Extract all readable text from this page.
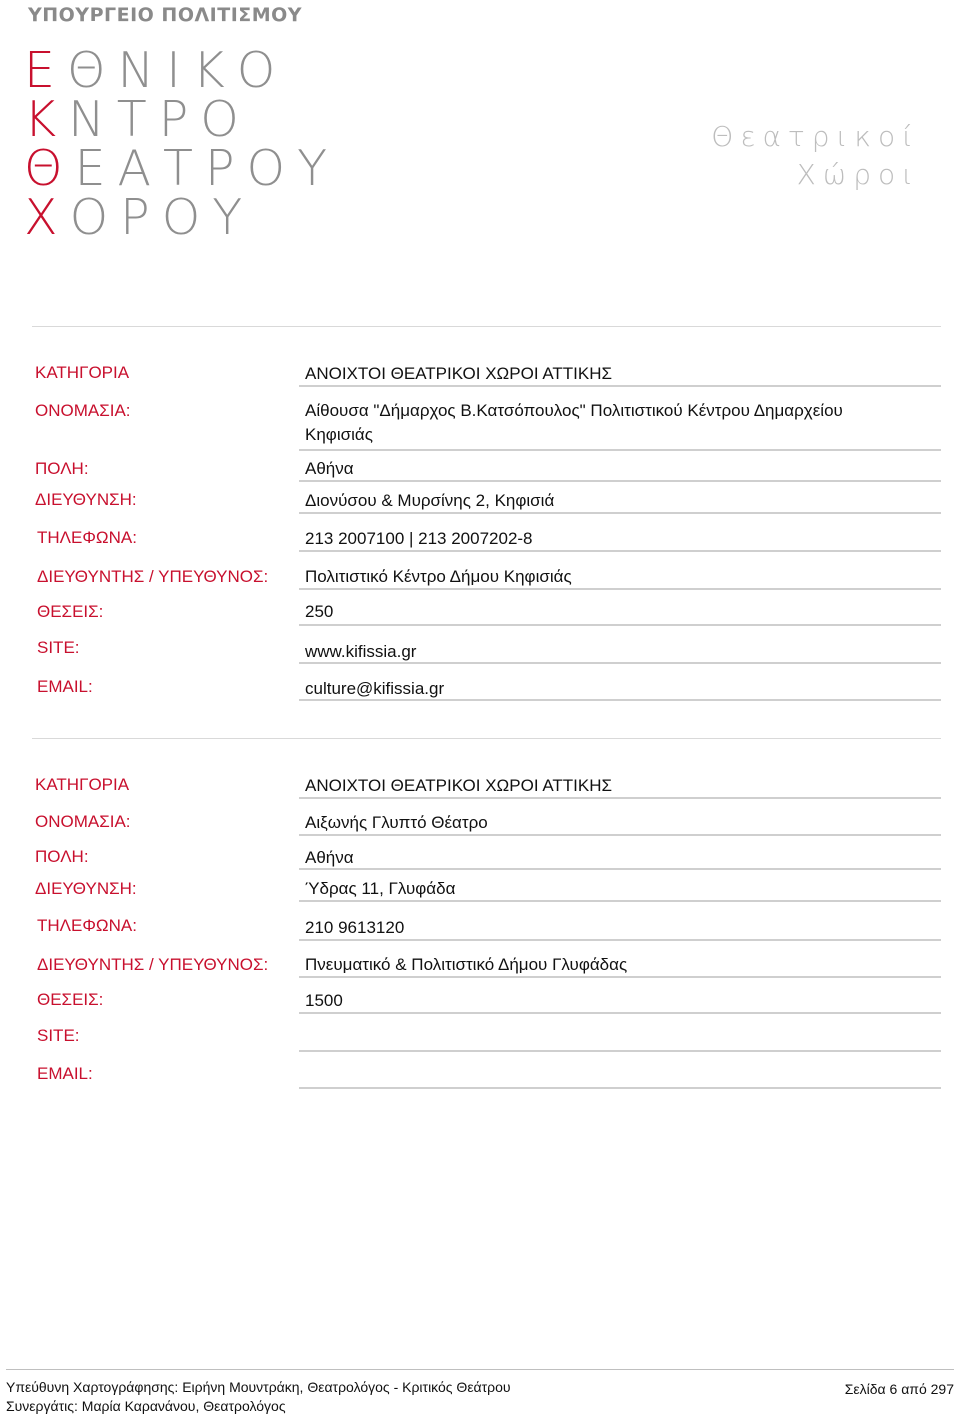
ΥΠΟΥΡΓΕΙΟ ΠΟΛΙΤΙΣΜΟΥ
ΕΘΝΙΚΟ
ΚΝΤΡΟ
ΘΕΑΤΡΟΥ
ΧΟΡΟΥ
Θεατρικοί
Χώροι
ΚΑΤΗΓΟΡΙΑ	ΑΝΟΙΧΤΟΙ ΘΕΑΤΡΙΚΟΙ ΧΩΡΟΙ ΑΤΤΙΚΗΣ
ΟΝΟΜΑΣΙΑ:	Αίθουσα "Δήμαρχος Β.Κατσόπουλος" Πολιτιστικού Κέντρου Δημαρχείου Κηφισιάς
ΠΟΛΗ:	Αθήνα
ΔΙΕΥΘΥΝΣΗ:	Διονύσου & Μυρσίνης 2, Κηφισιά
ΤΗΛΕΦΩΝΑ:	213 2007100 | 213 2007202-8
ΔΙΕΥΘΥΝΤΗΣ / ΥΠΕΥΘΥΝΟΣ: Πολιτιστικό Κέντρο Δήμου Κηφισιάς
ΘΕΣΕΙΣ:	250
SITE:	www.kifissia.gr
EMAIL:	culture@kifissia.gr
ΚΑΤΗΓΟΡΙΑ	ΑΝΟΙΧΤΟΙ ΘΕΑΤΡΙΚΟΙ ΧΩΡΟΙ ΑΤΤΙΚΗΣ
ΟΝΟΜΑΣΙΑ:	Αιξωνής Γλυπτό Θέατρο
ΠΟΛΗ:	Αθήνα
ΔΙΕΥΘΥΝΣΗ:	Ύδρας 11, Γλυφάδα
ΤΗΛΕΦΩΝΑ:	210 9613120
ΔΙΕΥΘΥΝΤΗΣ / ΥΠΕΥΘΥΝΟΣ: Πνευματικό & Πολιτιστικό Δήμου Γλυφάδας
ΘΕΣΕΙΣ:	1500
SITE:
EMAIL:
Υπεύθυνη Χαρτογράφησης: Ειρήνη Μουντράκη, Θεατρολόγος - Κριτικός Θεάτρου
Συνεργάτις: Μαρία Καρανάνου, Θεατρολόγος
Σελίδα 6 από 297
